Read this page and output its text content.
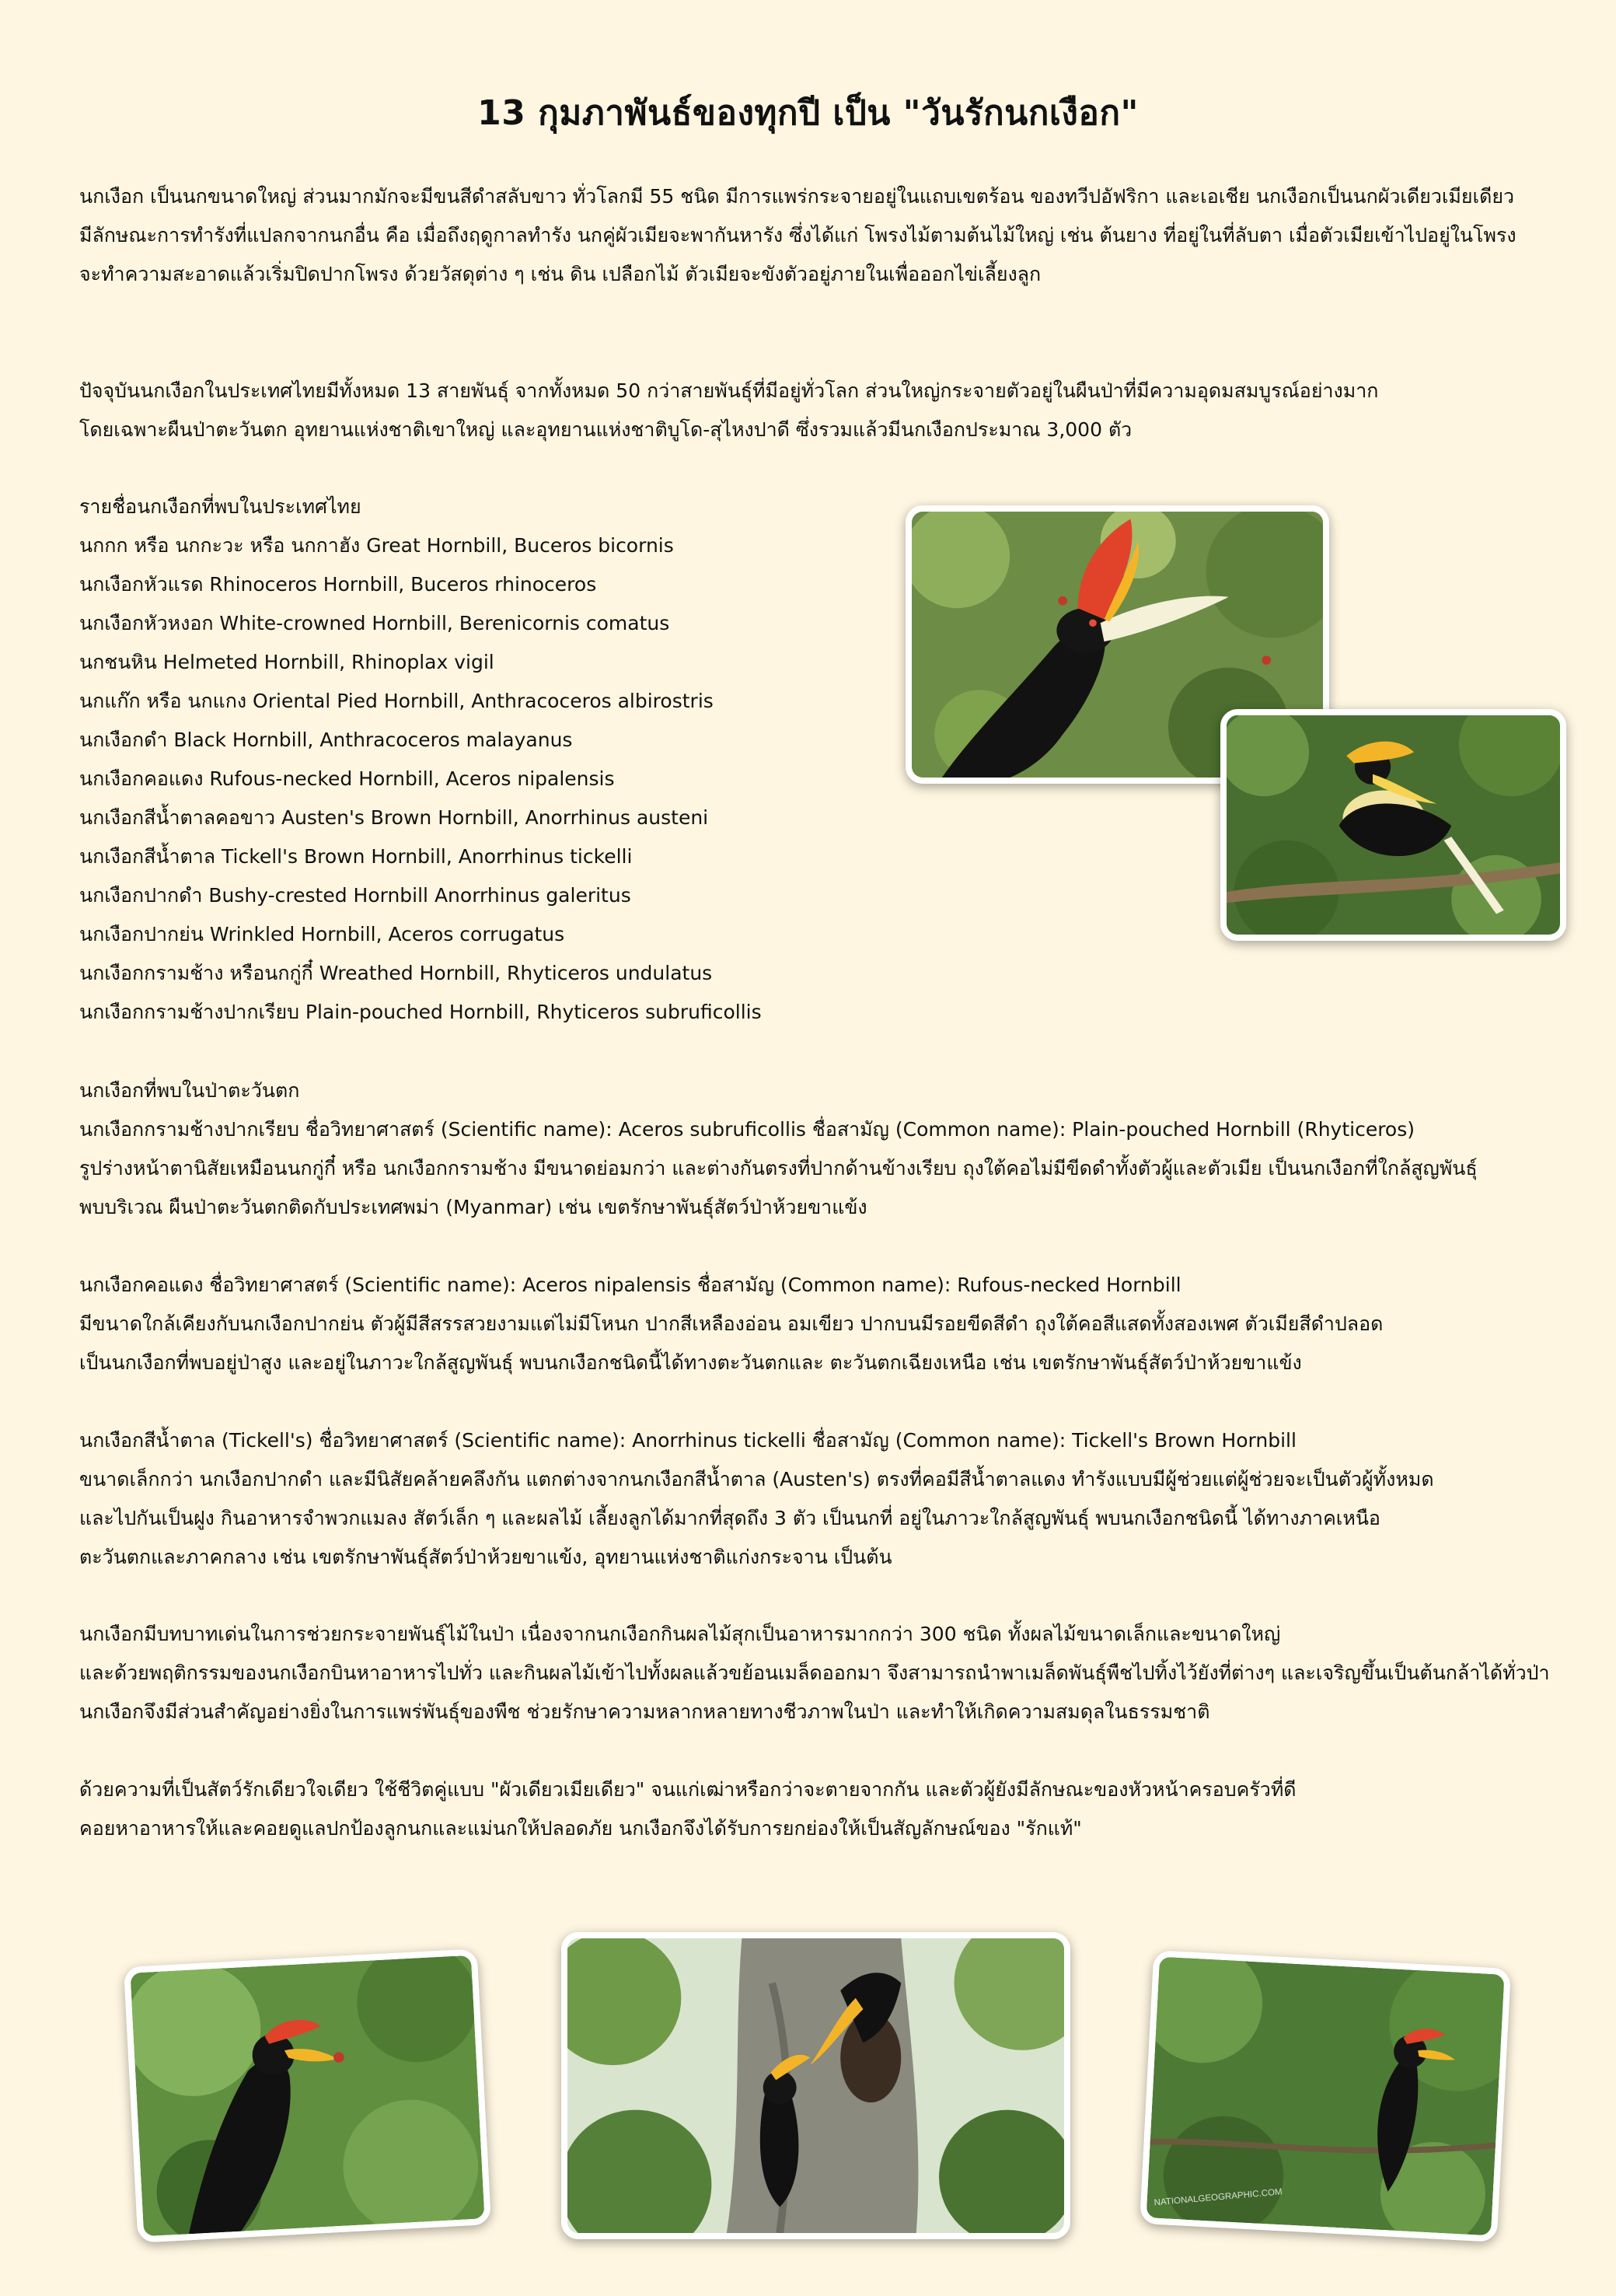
13 กุมภาพันธ์ของทุกปี เป็น "วันรักนกเงือก"
นกเงือก เป็นนกขนาดใหญ่ ส่วนมากมักจะมีขนสีดำสลับขาว ทั่วโลกมี 55 ชนิด มีการแพร่กระจายอยู่ในแถบเขตร้อน ของทวีปอัฟริกา และเอเชีย นกเงือกเป็นนกผัวเดียวเมียเดียว
มีลักษณะการทำรังที่แปลกจากนกอื่น คือ เมื่อถึงฤดูกาลทำรัง นกคู่ผัวเมียจะพากันหารัง ซึ่งได้แก่ โพรงไม้ตามต้นไม้ใหญ่ เช่น ต้นยาง ที่อยู่ในที่ลับตา เมื่อตัวเมียเข้าไปอยู่ในโพรง
จะทำความสะอาดแล้วเริ่มปิดปากโพรง ด้วยวัสดุต่าง ๆ เช่น ดิน เปลือกไม้ ตัวเมียจะขังตัวอยู่ภายในเพื่อออกไข่เลี้ยงลูก
ปัจจุบันนกเงือกในประเทศไทยมีทั้งหมด 13 สายพันธุ์ จากทั้งหมด 50 กว่าสายพันธุ์ที่มีอยู่ทั่วโลก ส่วนใหญ่กระจายตัวอยู่ในผืนป่าที่มีความอุดมสมบูรณ์อย่างมาก
โดยเฉพาะผืนป่าตะวันตก อุทยานแห่งชาติเขาใหญ่ และอุทยานแห่งชาติบูโด-สุไหงปาดี ซึ่งรวมแล้วมีนกเงือกประมาณ 3,000 ตัว
รายชื่อนกเงือกที่พบในประเทศไทย
นกกก หรือ นกกะวะ หรือ นกกาฮัง Great Hornbill, Buceros bicornis
นกเงือกหัวแรด Rhinoceros Hornbill, Buceros rhinoceros
นกเงือกหัวหงอก White-crowned Hornbill, Berenicornis comatus
นกชนหิน Helmeted Hornbill, Rhinoplax vigil
นกแก๊ก หรือ นกแกง Oriental Pied Hornbill, Anthracoceros albirostris
นกเงือกดำ Black Hornbill, Anthracoceros malayanus
นกเงือกคอแดง Rufous-necked Hornbill, Aceros nipalensis
นกเงือกสีน้ำตาลคอขาว Austen's Brown Hornbill, Anorrhinus austeni
นกเงือกสีน้ำตาล Tickell's Brown Hornbill, Anorrhinus tickelli
นกเงือกปากดำ Bushy-crested Hornbill Anorrhinus galeritus
นกเงือกปากย่น Wrinkled Hornbill, Aceros corrugatus
นกเงือกกรามช้าง หรือนกกู่กี๋ Wreathed Hornbill, Rhyticeros undulatus
นกเงือกกรามช้างปากเรียบ Plain-pouched Hornbill, Rhyticeros subruficollis
นกเงือกที่พบในป่าตะวันตก
นกเงือกกรามช้างปากเรียบ ชื่อวิทยาศาสตร์ (Scientific name): Aceros subruficollis ชื่อสามัญ (Common name): Plain-pouched Hornbill (Rhyticeros)
รูปร่างหน้าตานิสัยเหมือนนกกู่กี๋ หรือ นกเงือกกรามช้าง มีขนาดย่อมกว่า และต่างกันตรงที่ปากด้านข้างเรียบ ถุงใต้คอไม่มีขีดดำทั้งตัวผู้และตัวเมีย เป็นนกเงือกที่ใกล้สูญพันธุ์
พบบริเวณ ผืนป่าตะวันตกติดกับประเทศพม่า (Myanmar) เช่น เขตรักษาพันธุ์สัตว์ป่าห้วยขาแข้ง
นกเงือกคอแดง ชื่อวิทยาศาสตร์ (Scientific name): Aceros nipalensis ชื่อสามัญ (Common name): Rufous-necked Hornbill
มีขนาดใกล้เคียงกับนกเงือกปากย่น ตัวผู้มีสีสรรสวยงามแต่ไม่มีโหนก ปากสีเหลืองอ่อน อมเขียว ปากบนมีรอยขีดสีดำ ถุงใต้คอสีแสดทั้งสองเพศ ตัวเมียสีดำปลอด
เป็นนกเงือกที่พบอยู่ป่าสูง และอยู่ในภาวะใกล้สูญพันธุ์ พบนกเงือกชนิดนี้ได้ทางตะวันตกและ ตะวันตกเฉียงเหนือ เช่น เขตรักษาพันธุ์สัตว์ป่าห้วยขาแข้ง
นกเงือกสีน้ำตาล (Tickell's) ชื่อวิทยาศาสตร์ (Scientific name): Anorrhinus tickelli ชื่อสามัญ (Common name): Tickell's Brown Hornbill
ขนาดเล็กกว่า นกเงือกปากดำ และมีนิสัยคล้ายคลึงกัน แตกต่างจากนกเงือกสีน้ำตาล (Austen's) ตรงที่คอมีสีน้ำตาลแดง ทำรังแบบมีผู้ช่วยแต่ผู้ช่วยจะเป็นตัวผู้ทั้งหมด
และไปกันเป็นฝูง กินอาหารจำพวกแมลง สัตว์เล็ก ๆ และผลไม้ เลี้ยงลูกได้มากที่สุดถึง 3 ตัว เป็นนกที่ อยู่ในภาวะใกล้สูญพันธุ์ พบนกเงือกชนิดนี้ ได้ทางภาคเหนือ
ตะวันตกและภาคกลาง เช่น เขตรักษาพันธุ์สัตว์ป่าห้วยขาแข้ง, อุทยานแห่งชาติแก่งกระจาน เป็นต้น
นกเงือกมีบทบาทเด่นในการช่วยกระจายพันธุ์ไม้ในป่า เนื่องจากนกเงือกกินผลไม้สุกเป็นอาหารมากกว่า 300 ชนิด ทั้งผลไม้ขนาดเล็กและขนาดใหญ่
และด้วยพฤติกรรมของนกเงือกบินหาอาหารไปทั่ว และกินผลไม้เข้าไปทั้งผลแล้วขย้อนเมล็ดออกมา จึงสามารถนำพาเมล็ดพันธุ์พืชไปทิ้งไว้ยังที่ต่างๆ และเจริญขึ้นเป็นต้นกล้าได้ทั่วป่า
นกเงือกจึงมีส่วนสำคัญอย่างยิ่งในการแพร่พันธุ์ของพืช ช่วยรักษาความหลากหลายทางชีวภาพในป่า และทำให้เกิดความสมดุลในธรรมชาติ
ด้วยความที่เป็นสัตว์รักเดียวใจเดียว ใช้ชีวิตคู่แบบ "ผัวเดียวเมียเดียว" จนแก่เฒ่าหรือกว่าจะตายจากกัน และตัวผู้ยังมีลักษณะของหัวหน้าครอบครัวที่ดี
คอยหาอาหารให้และคอยดูแลปกป้องลูกนกและแม่นกให้ปลอดภัย นกเงือกจึงได้รับการยกย่องให้เป็นสัญลักษณ์ของ "รักแท้"
NATIONALGEOGRAPHIC.COM
